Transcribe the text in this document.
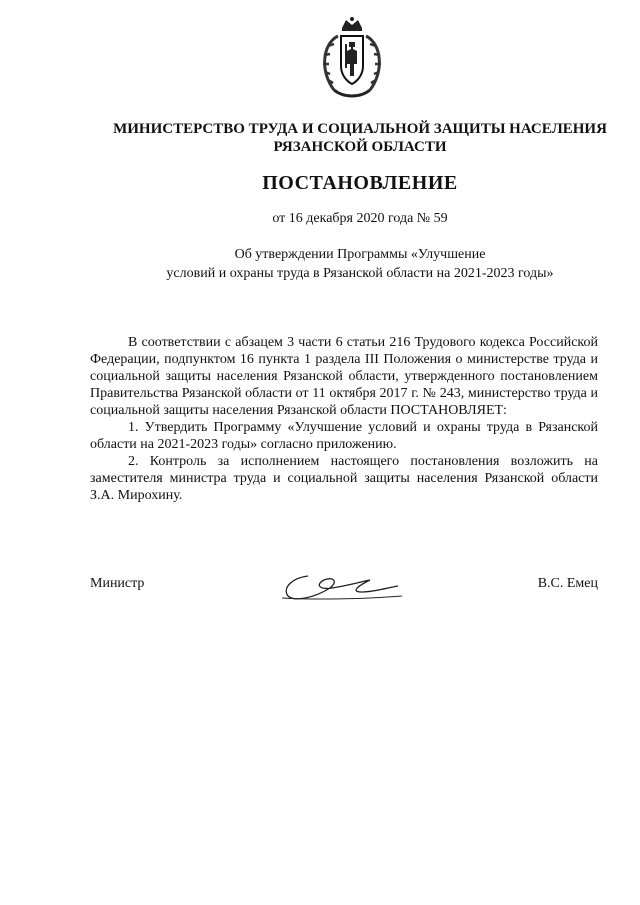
МИНИСТЕРСТВО ТРУДА И СОЦИАЛЬНОЙ ЗАЩИТЫ НАСЕЛЕНИЯ
РЯЗАНСКОЙ ОБЛАСТИ
ПОСТАНОВЛЕНИЕ
от 16 декабря 2020 года № 59
Об утверждении Программы «Улучшение
условий и охраны труда в Рязанской области на 2021-2023 годы»

В соответствии с абзацем 3 части 6 статьи 216 Трудового кодекса Российской Федерации, подпунктом 16 пункта 1 раздела III Положения о министерстве труда и социальной защиты населения Рязанской области, утвержденного постановлением Правительства Рязанской области от 11 октября 2017 г. № 243, министерство труда и социальной защиты населения Рязанской области ПОСТАНОВЛЯЕТ:

1. Утвердить Программу «Улучшение условий и охраны труда в Рязанской области на 2021-2023 годы» согласно приложению.

2. Контроль за исполнением настоящего постановления возложить на заместителя министра труда и социальной защиты населения Рязанской области З.А. Мирохину.

Министр	В.С. Емец
